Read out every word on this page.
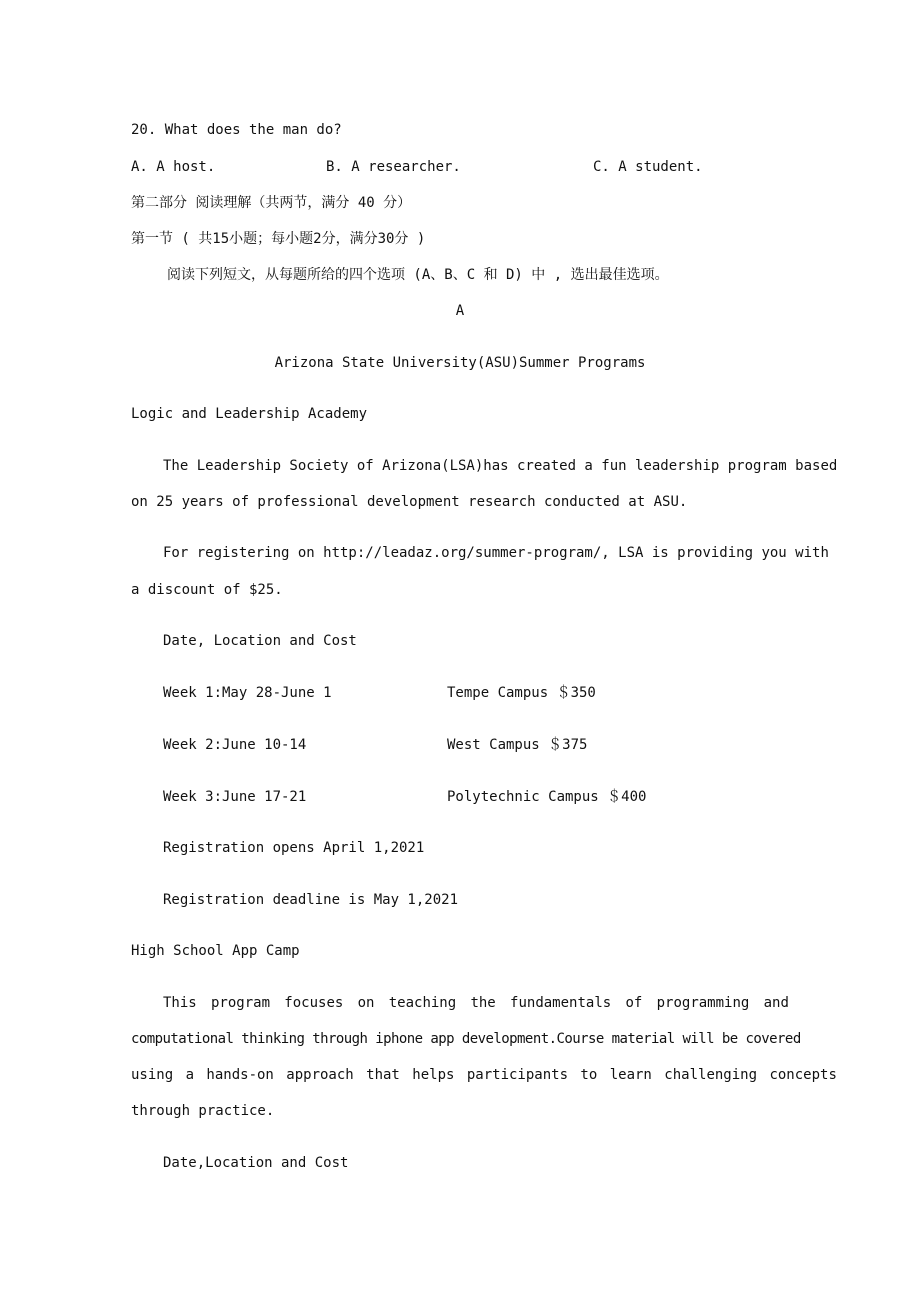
20. What does the man do?
A. A host.	B. A researcher.	C. A student.
第二部分 阅读理解（共两节，满分 40 分）
第一节 ( 共15小题；每小题2分，满分30分 )
阅读下列短文，从每题所给的四个选项 (A、B、C 和 D) 中 , 选出最佳选项。
A
Arizona State University(ASU)Summer Programs
Logic and Leadership Academy
The Leadership Society of Arizona(LSA)has created a fun leadership program based
on 25 years of professional development research conducted at ASU.
For registering on http://leadaz.org/summer-program/, LSA is providing you with
a discount of $25.
Date, Location and Cost
Week 1:May 28-June 1	Tempe Campus ＄350
Week 2:June 10-14	West Campus ＄375
Week 3:June 17-21	Polytechnic Campus ＄400
Registration opens April 1,2021
Registration deadline is May 1,2021
High School App Camp
This program focuses on teaching the fundamentals of programming and
computational thinking through iphone app development.Course material will be covered
using a hands-on approach that helps participants to learn challenging concepts
through practice.
Date,Location and Cost
